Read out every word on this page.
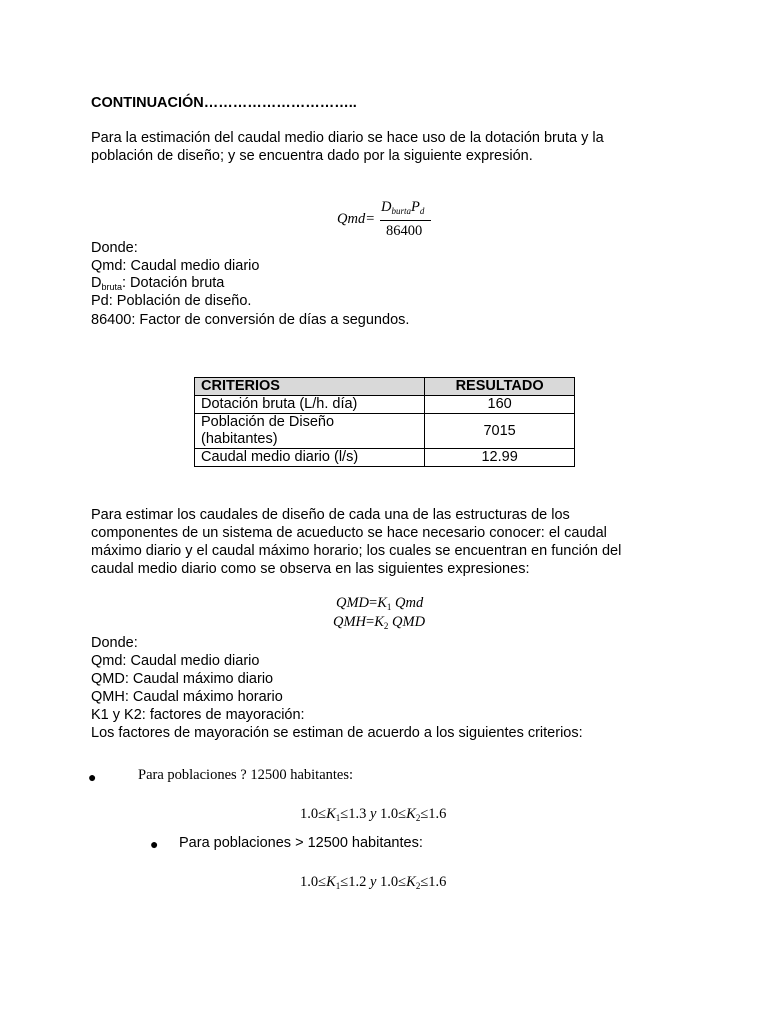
CONTINUACIÓN…………………………..
Para la estimación del caudal medio diario se hace uso de la dotación bruta y la
población de diseño; y se encuentra dado por la siguiente expresión.
Qmd=
$D_{burta}P_d$
86400
Donde:
Qmd: Caudal medio diario
$D_{bruta}$: Dotación bruta
Pd: Población de diseño.
86400: Factor de conversión de días a segundos.
CRITERIOS	RESULTADO
Dotación bruta (L/h. día)	160

Población de Diseño
(habitantes)	7015
Caudal medio diario (l/s)	12.99
Para estimar los caudales de diseño de cada una de las estructuras de los
componentes de un sistema de acueducto se hace necesario conocer: el caudal
máximo diario y el caudal máximo horario; los cuales se encuentran en función del
caudal medio diario como se observa en las siguientes expresiones:
$QMD=K_1$ Qmd
$QMH=K_2$ QMD
Donde:
Qmd: Caudal medio diario
QMD: Caudal máximo diario
QMH: Caudal máximo horario
K1 y K2: factores de mayoración:
Los factores de mayoración se estiman de acuerdo a los siguientes criterios:
●	Para poblaciones ? 12500 habitantes:
$1.0\le K_1\le 1.3$ y $1.0\le K_2\le 1.6$
● Para poblaciones > 12500 habitantes:
$1.0\le K_1\le 1.2$ y $1.0\le K_2\le 1.6$
